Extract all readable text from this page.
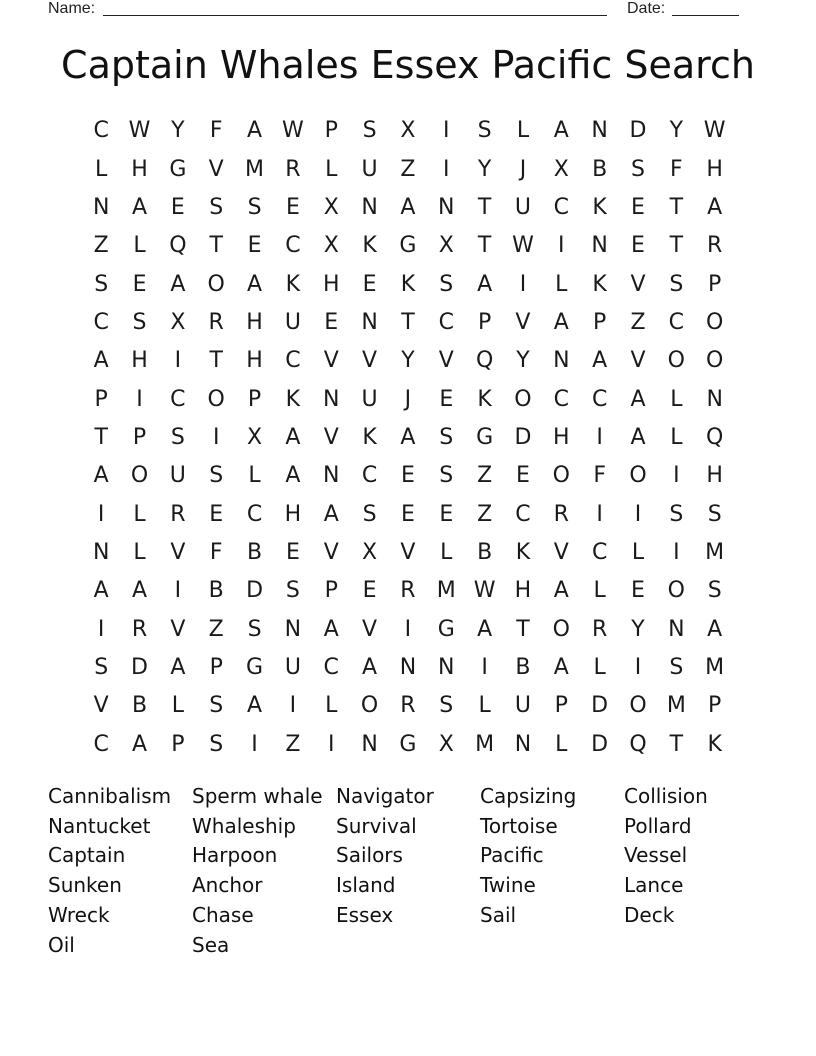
Name:	Date:
Captain Whales Essex Pacific Search
C W Y	F	A W P	S	X	I	S	L	A	N D	Y W
L	H G	V M R	L	U	Z	I	Y	J	X	B	S	F	H
N	A	E	S	S	E	X	N	A	N	T	U	C	K	E	T	A
Z	L	Q	T	E	C	X	K	G	X	T W	I	N	E	T	R
S	E	A	O	A	K	H	E	K	S	A	I	L	K	V	S	P
C	S	X	R	H	U	E	N	T	C	P	V	A	P	Z	C O
A	H	I	T	H	C	V	V	Y	V	Q	Y	N	A	V	O O
P	I	C O	P	K	N	U	J	E	K	O	C	C	A	L	N
T	P	S	I	X	A	V	K	A	S	G D H	I	A	L	Q
A	O U	S	L	A	N	C	E	S	Z	E	O	F	O	I	H
I	L	R	E	C	H	A	S	E	E	Z	C	R	I	I	S	S
N	L	V	F	B	E	V	X	V	L	B	K	V	C	L	I	M
A	A	I	B	D	S	P	E	R M W H	A	L	E	O	S
I	R	V	Z	S	N	A	V	I	G	A	T	O	R	Y	N	A
S	D	A	P	G U	C	A	N N	I	B	A	L	I	S M
V	B	L	S	A	I	L	O	R	S	L	U	P	D O M	P
C	A	P	S	I	Z	I	N G	X M N	L	D Q	T	K
Cannibalism	Sperm whale Navigator	Capsizing	Collision
Nantucket	Whaleship	Survival	Tortoise	Pollard
Captain	Harpoon	Sailors	Pacific	Vessel
Sunken	Anchor	Island	Twine	Lance
Wreck	Chase	Essex	Sail	Deck
Oil	Sea
